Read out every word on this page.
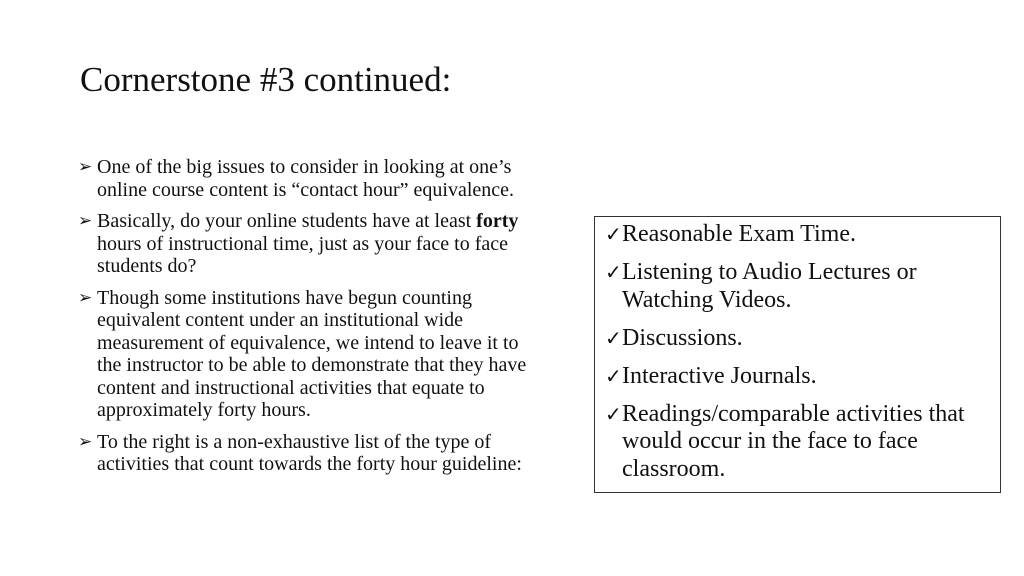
Cornerstone #3 continued:
➢ One of the big issues to consider in looking at one’s online course content is “contact hour” equivalence.
➢ Basically, do your online students have at least forty hours of instructional time, just as your face to face students do?
➢ Though some institutions have begun counting equivalent content under an institutional wide measurement of equivalence, we intend to leave it to the instructor to be able to demonstrate that they have content and instructional activities that equate to approximately forty hours.
➢ To the right is a non-exhaustive list of the type of activities that count towards the forty hour guideline:
✓ Reasonable Exam Time.
✓ Listening to Audio Lectures or Watching Videos.
✓ Discussions.
✓ Interactive Journals.
✓ Readings/comparable activities that would occur in the face to face classroom.
